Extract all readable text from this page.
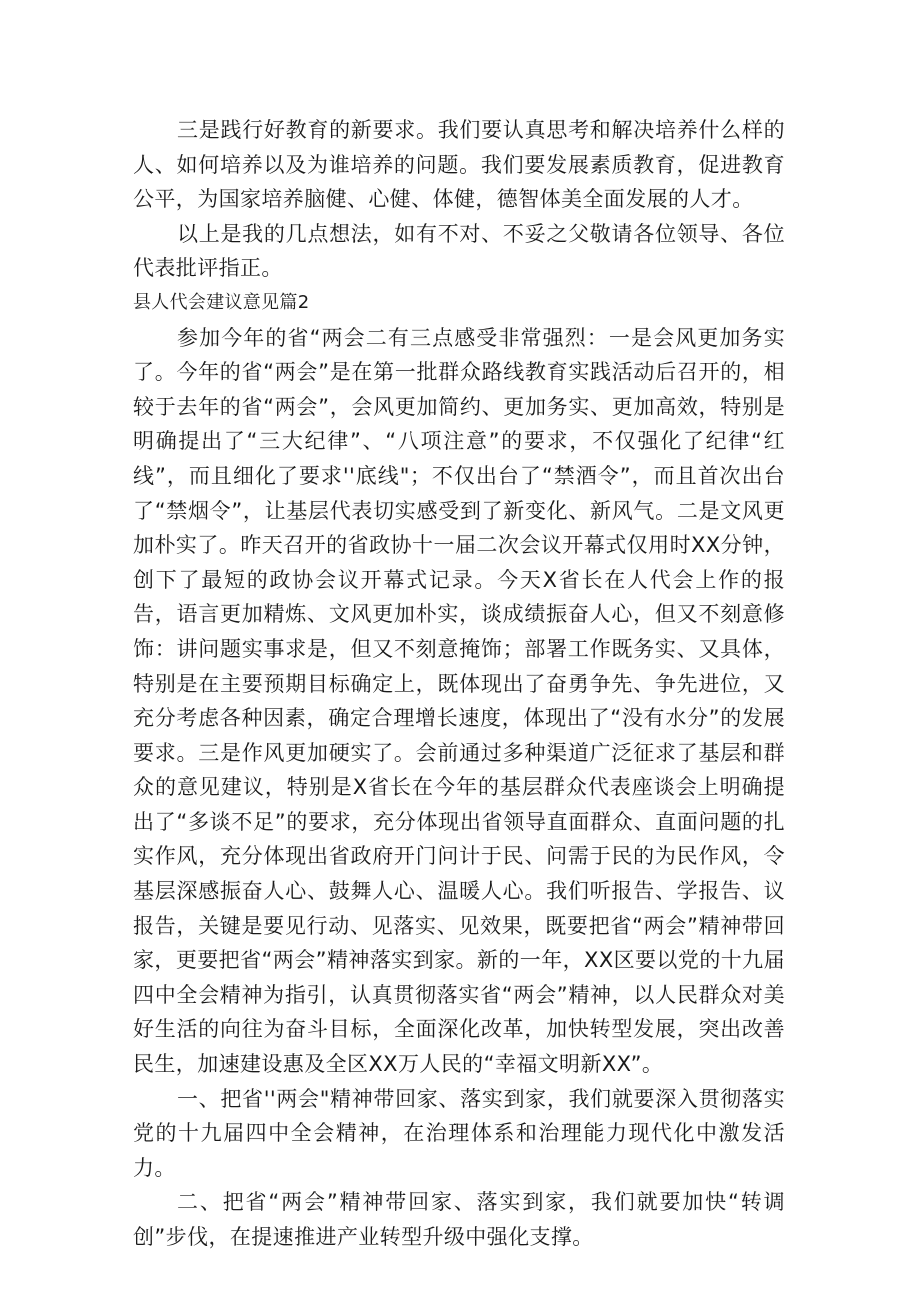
三是践行好教育的新要求。我们要认真思考和解决培养什么样的人、如何培养以及为谁培养的问题。我们要发展素质教育，促进教育公平，为国家培养脑健、心健、体健，德智体美全面发展的人才。

以上是我的几点想法，如有不对、不妥之父敬请各位领导、各位代表批评指正。

县人代会建议意见篇2

参加今年的省“两会二有三点感受非常强烈：一是会风更加务实了。今年的省“两会”是在第一批群众路线教育实践活动后召开的，相较于去年的省“两会”，会风更加简约、更加务实、更加高效，特别是明确提出了“三大纪律”、“八项注意”的要求，不仅强化了纪律“红线”，而且细化了要求''底线"；不仅出台了“禁酒令”，而且首次出台了“禁烟令”，让基层代表切实感受到了新变化、新风气。二是文风更加朴实了。昨天召开的省政协十一届二次会议开幕式仅用时XX分钟，创下了最短的政协会议开幕式记录。今天X省长在人代会上作的报告，语言更加精炼、文风更加朴实，谈成绩振奋人心，但又不刻意修饰：讲问题实事求是，但又不刻意掩饰；部署工作既务实、又具体，特别是在主要预期目标确定上，既体现出了奋勇争先、争先进位，又充分考虑各种因素，确定合理增长速度，体现出了“没有水分”的发展要求。三是作风更加硬实了。会前通过多种渠道广泛征求了基层和群众的意见建议，特别是X省长在今年的基层群众代表座谈会上明确提出了“多谈不足”的要求，充分体现出省领导直面群众、直面问题的扎实作风，充分体现出省政府开门问计于民、问需于民的为民作风，令基层深感振奋人心、鼓舞人心、温暖人心。我们听报告、学报告、议报告，关键是要见行动、见落实、见效果，既要把省“两会”精神带回家，更要把省“两会”精神落实到家。新的一年，XX区要以党的十九届四中全会精神为指引，认真贯彻落实省“两会”精神，以人民群众对美好生活的向往为奋斗目标，全面深化改革，加快转型发展，突出改善民生，加速建设惠及全区XX万人民的“幸福文明新XX”。

一、把省''两会"精神带回家、落实到家，我们就要深入贯彻落实党的十九届四中全会精神，在治理体系和治理能力现代化中激发活力。

二、把省“两会”精神带回家、落实到家，我们就要加快“转调创”步伐，在提速推进产业转型升级中强化支撑。
